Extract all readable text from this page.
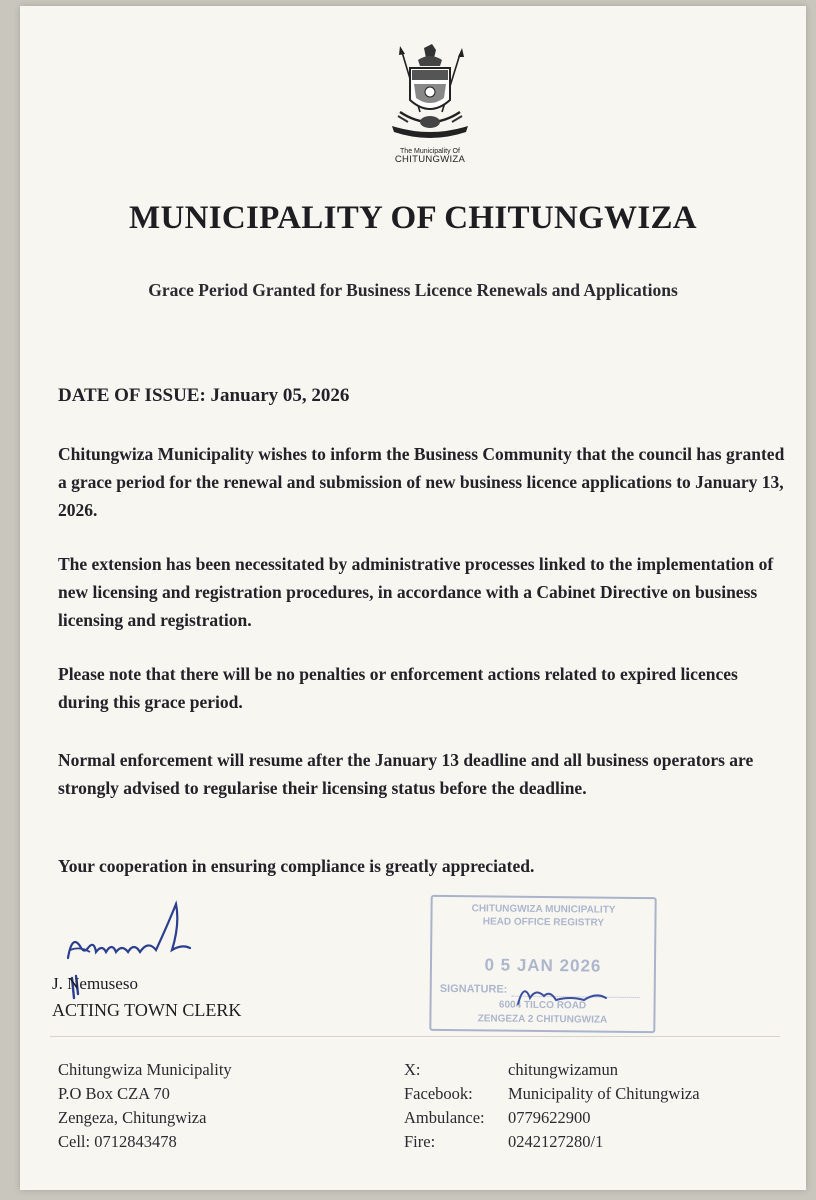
The Municipality Of
CHITUNGWIZA
MUNICIPALITY OF CHITUNGWIZA
Grace Period Granted for Business Licence Renewals and Applications
DATE OF ISSUE: January 05, 2026
Chitungwiza Municipality wishes to inform the Business Community that the council has granted a grace period for the renewal and submission of new business licence applications to January 13, 2026.
The extension has been necessitated by administrative processes linked to the implementation of new licensing and registration procedures, in accordance with a Cabinet Directive on business licensing and registration.
Please note that there will be no penalties or enforcement actions related to expired licences during this grace period.
Normal enforcement will resume after the January 13 deadline and all business operators are strongly advised to regularise their licensing status before the deadline.
Your cooperation in ensuring compliance is greatly appreciated.
J. Nemuseso
ACTING TOWN CLERK
CHITUNGWIZA MUNICIPALITY
HEAD OFFICE REGISTRY
0 5 JAN 2026
SIGNATURE:
6004 TILCO ROAD
ZENGEZA 2 CHITUNGWIZA
Chitungwiza Municipality
P.O Box CZA 70
Zengeza, Chitungwiza
Cell: 0712843478
X:	chitungwizamun
Facebook:	Municipality of Chitungwiza
Ambulance:	0779622900
Fire:	0242127280/1
